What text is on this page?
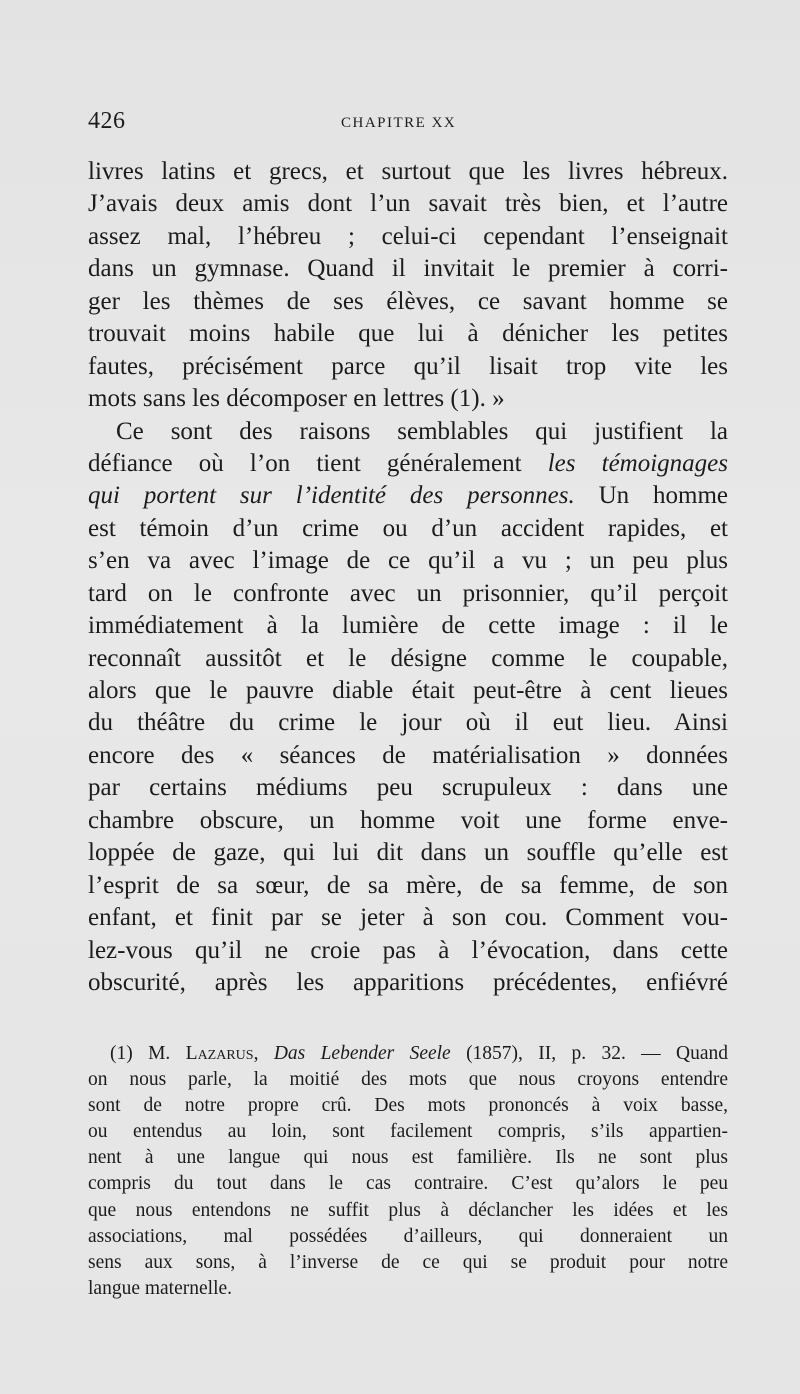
426	CHAPITRE XX
livres latins et grecs, et surtout que les livres hébreux.
J’avais deux amis dont l’un savait très bien, et l’autre
assez mal, l’hébreu ; celui-ci cependant l’enseignait
dans un gymnase. Quand il invitait le premier à corri-
ger les thèmes de ses élèves, ce savant homme se
trouvait moins habile que lui à dénicher les petites
fautes, précisément parce qu’il lisait trop vite les
mots sans les décomposer en lettres (1). »
Ce sont des raisons semblables qui justifient la
défiance où l’on tient généralement les témoignages
qui portent sur l’identité des personnes. Un homme
est témoin d’un crime ou d’un accident rapides, et
s’en va avec l’image de ce qu’il a vu ; un peu plus
tard on le confronte avec un prisonnier, qu’il perçoit
immédiatement à la lumière de cette image : il le
reconnaît aussitôt et le désigne comme le coupable,
alors que le pauvre diable était peut-être à cent lieues
du théâtre du crime le jour où il eut lieu. Ainsi
encore des « séances de matérialisation » données
par certains médiums peu scrupuleux : dans une
chambre obscure, un homme voit une forme enve-
loppée de gaze, qui lui dit dans un souffle qu’elle est
l’esprit de sa sœur, de sa mère, de sa femme, de son
enfant, et finit par se jeter à son cou. Comment vou-
lez-vous qu’il ne croie pas à l’évocation, dans cette
obscurité, après les apparitions précédentes, enfiévré
(1) M. Lazarus, Das Lebender Seele (1857), II, p. 32. — Quand
on nous parle, la moitié des mots que nous croyons entendre
sont de notre propre crû. Des mots prononcés à voix basse,
ou entendus au loin, sont facilement compris, s’ils appartien-
nent à une langue qui nous est familière. Ils ne sont plus
compris du tout dans le cas contraire. C’est qu’alors le peu
que nous entendons ne suffit plus à déclancher les idées et les
associations, mal possédées d’ailleurs, qui donneraient un
sens aux sons, à l’inverse de ce qui se produit pour notre
langue maternelle.
